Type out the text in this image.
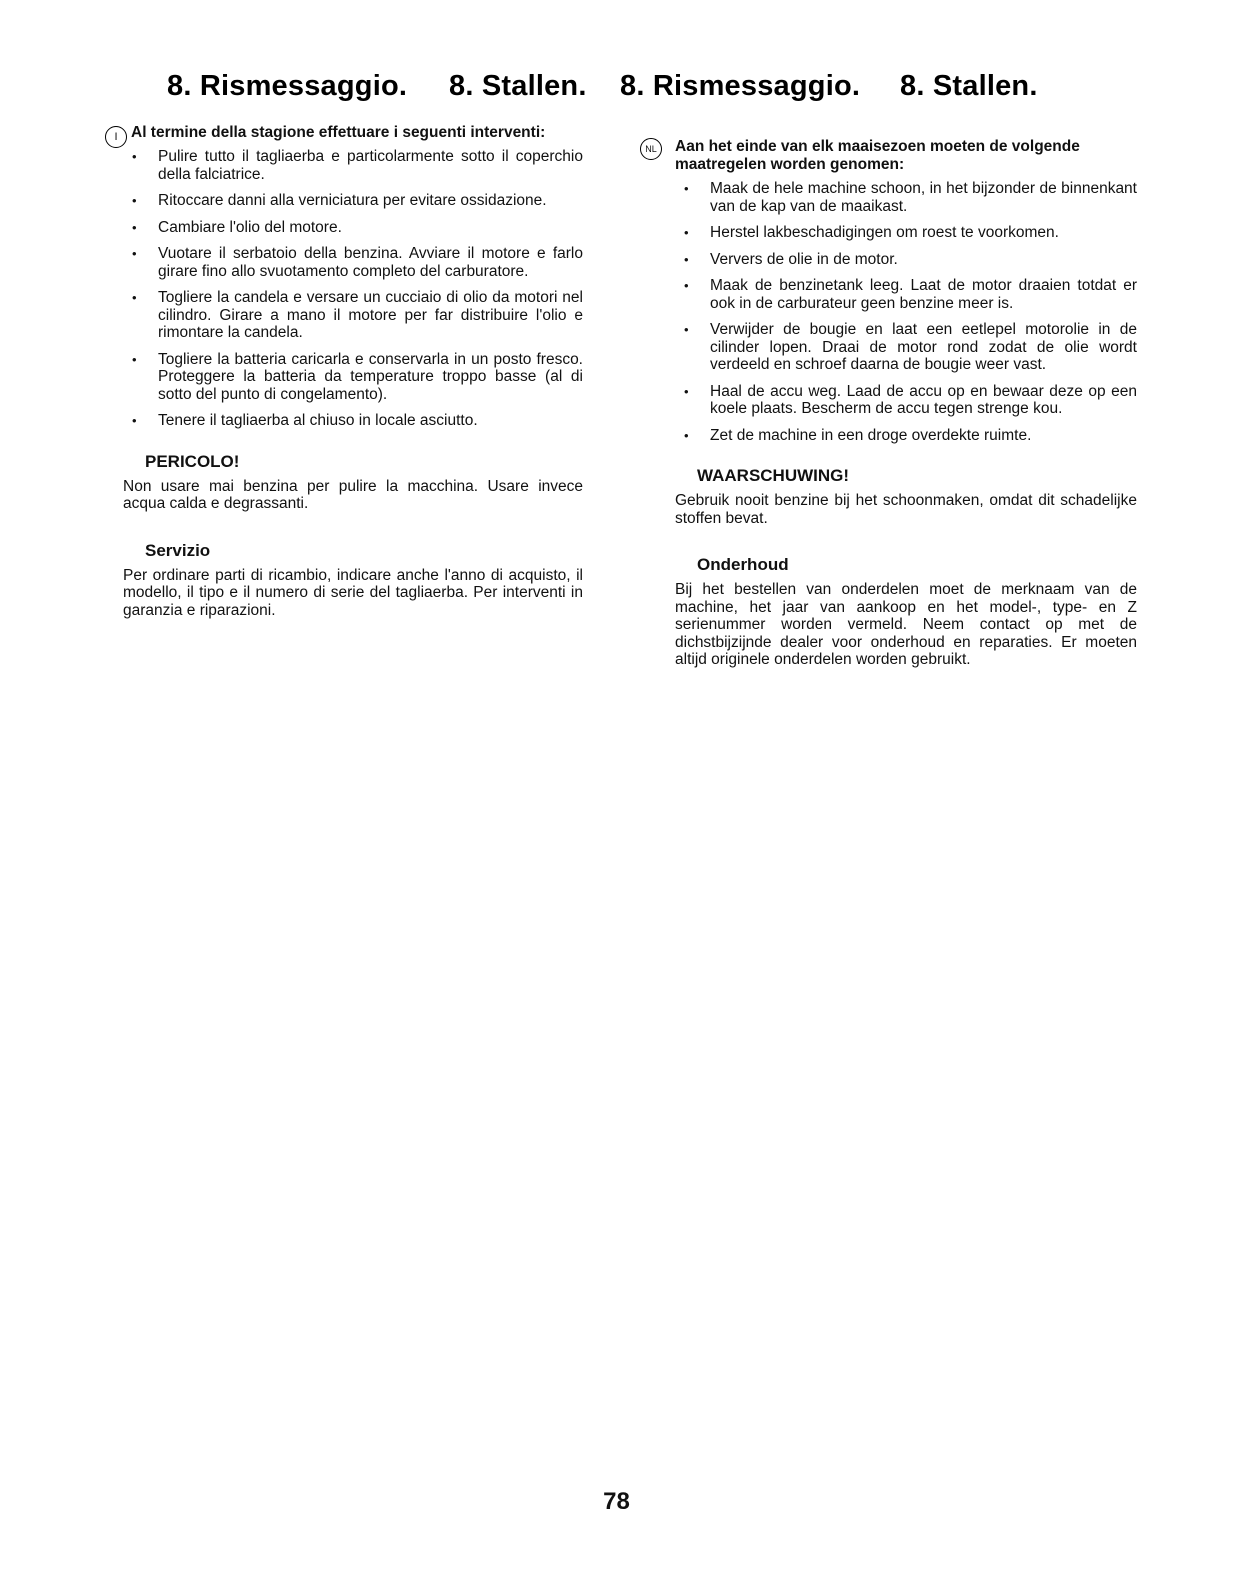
8. Rismessaggio. 8. Stallen. 8. Rismessaggio. 8. Stallen.
I Al termine della stagione effettuare i seguenti interventi:

• Pulire tutto il tagliaerba e particolarmente sotto il coperchio della falciatrice.
• Ritoccare danni alla verniciatura per evitare ossidazione.
• Cambiare l'olio del motore.
• Vuotare il serbatoio della benzina. Avviare il motore e farlo girare fino allo svuotamento completo del carburatore.
• Togliere la candela e versare un cucciaio di olio da motori nel cilindro. Girare a mano il motore per far distribuire l'olio e rimontare la candela.
• Togliere la batteria caricarla e conservarla in un posto fresco. Proteggere la batteria da temperature troppo basse (al di sotto del punto di congelamento).
• Tenere il tagliaerba al chiuso in locale asciutto.
PERICOLO!

Non usare mai benzina per pulire la macchina. Usare invece acqua calda e degrassanti.

Servizio

Per ordinare parti di ricambio, indicare anche l'anno di acquisto, il modello, il tipo e il numero di serie del tagliaerba. Per interventi in garanzia e riparazioni.

NL	Aan het einde van elk maaisezoen moeten de volgende maatregelen worden genomen:

• Maak de hele machine schoon, in het bijzonder de binnenkant van de kap van de maaikast.
• Herstel lakbeschadigingen om roest te voorkomen.
• Ververs de olie in de motor.
• Maak de benzinetank leeg. Laat de motor draaien totdat er ook in de carburateur geen benzine meer is.
• Verwijder de bougie en laat een eetlepel motorolie in de cilinder lopen. Draai de motor rond zodat de olie wordt verdeeld en schroef daarna de bougie weer vast.
• Haal de accu weg. Laad de accu op en bewaar deze op een koele plaats. Bescherm de accu tegen strenge kou.
• Zet de machine in een droge overdekte ruimte.
WAARSCHUWING!

Gebruik nooit benzine bij het schoonmaken, omdat dit schadelijke stoffen bevat.

Onderhoud

Bij het bestellen van onderdelen moet de merknaam van de machine, het jaar van aankoop en het model-, type- en Z serienummer worden vermeld. Neem contact op met de dichstbijzijnde dealer voor onderhoud en reparaties. Er moeten altijd originele onderdelen worden gebruikt.

78
